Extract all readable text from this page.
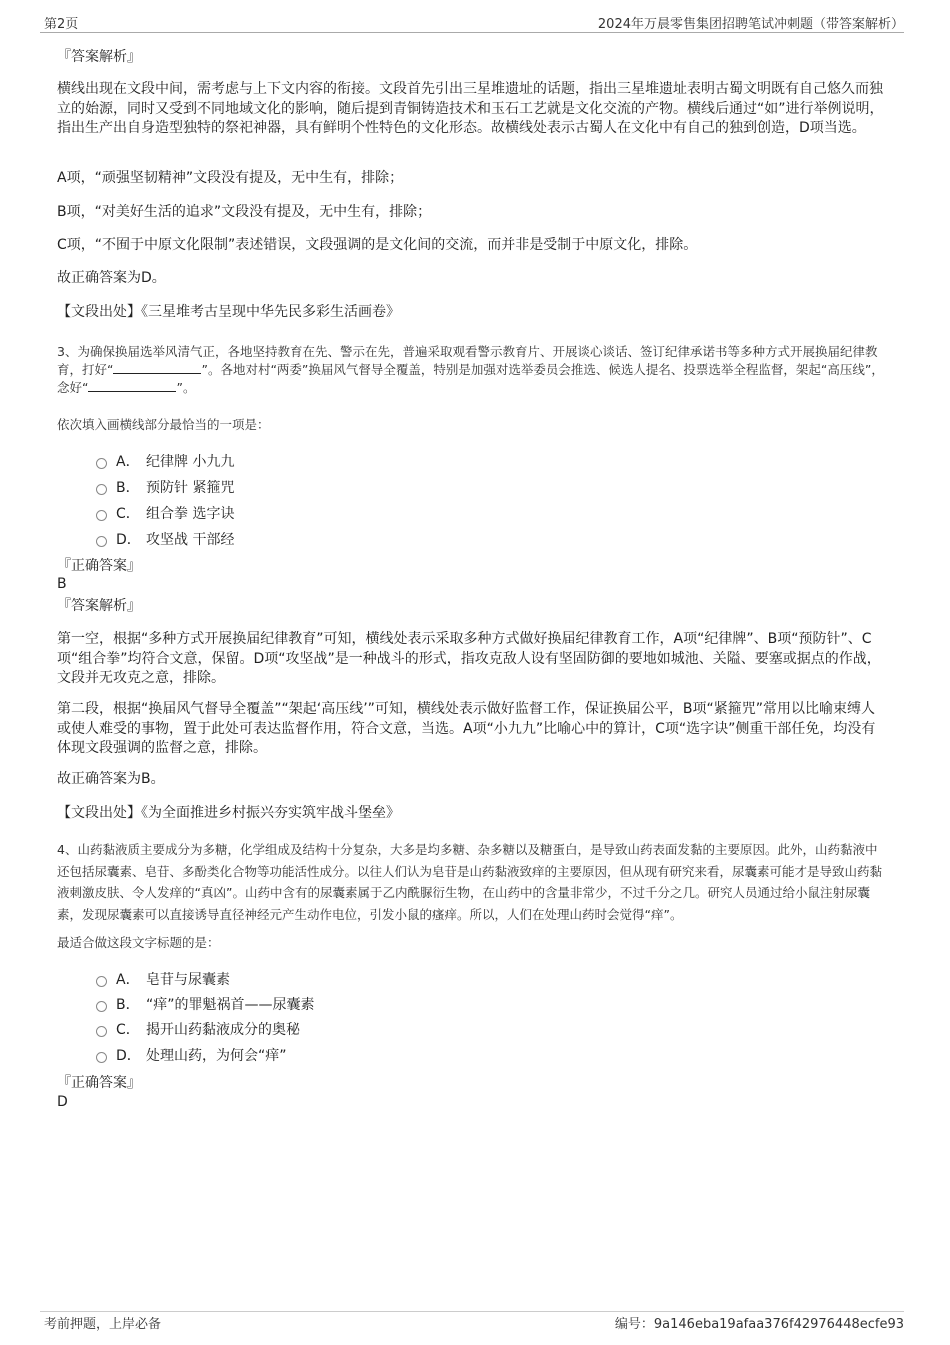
第2页	2024年万晨零售集团招聘笔试冲刺题（带答案解析）
『答案解析』
横线出现在文段中间，需考虑与上下文内容的衔接。文段首先引出三星堆遗址的话题，指出三星堆遗址表明古蜀文明既有自己悠久而独立的始源，同时又受到不同地域文化的影响，随后提到青铜铸造技术和玉石工艺就是文化交流的产物。横线后通过“如”进行举例说明，指出生产出自身造型独特的祭祀神器，具有鲜明个性特色的文化形态。故横线处表示古蜀人在文化中有自己的独到创造，D项当选。
A项，“顽强坚韧精神”文段没有提及，无中生有，排除；
B项，“对美好生活的追求”文段没有提及，无中生有，排除；
C项，“不囿于中原文化限制”表述错误，文段强调的是文化间的交流，而并非是受制于中原文化，排除。
故正确答案为D。
【文段出处】《三星堆考古呈现中华先民多彩生活画卷》
3、为确保换届选举风清气正，各地坚持教育在先、警示在先，普遍采取观看警示教育片、开展谈心谈话、签订纪律承诺书等多种方式开展换届纪律教育，打好“	”。各地对村“两委”换届风气督导全覆盖，特别是加强对选举委员会推选、候选人提名、投票选举全程监督，架起“高压线”，念好“	”。
依次填入画横线部分最恰当的一项是：
A． 纪律牌 小九九
B． 预防针 紧箍咒
C． 组合拳 选字诀
D． 攻坚战 干部经
『正确答案』
B
『答案解析』
第一空，根据“多种方式开展换届纪律教育”可知，横线处表示采取多种方式做好换届纪律教育工作，A项“纪律牌”、B项“预防针”、C项“组合拳”均符合文意，保留。D项“攻坚战”是一种战斗的形式，指攻克敌人设有坚固防御的要地如城池、关隘、要塞或据点的作战，文段并无攻克之意，排除。
第二段，根据“换届风气督导全覆盖”“架起‘高压线’”可知，横线处表示做好监督工作，保证换届公平，B项“紧箍咒”常用以比喻束缚人或使人难受的事物，置于此处可表达监督作用，符合文意，当选。A项“小九九”比喻心中的算计，C项“选字诀”侧重干部任免，均没有体现文段强调的监督之意，排除。
故正确答案为B。
【文段出处】《为全面推进乡村振兴夯实筑牢战斗堡垒》
4、山药黏液质主要成分为多糖，化学组成及结构十分复杂，大多是均多糖、杂多糖以及糖蛋白，是导致山药表面发黏的主要原因。此外，山药黏液中还包括尿囊素、皂苷、多酚类化合物等功能活性成分。以往人们认为皂苷是山药黏液致痒的主要原因，但从现有研究来看，尿囊素可能才是导致山药黏液刺激皮肤、令人发痒的“真凶”。山药中含有的尿囊素属于乙内酰脲衍生物，在山药中的含量非常少，不过千分之几。研究人员通过给小鼠注射尿囊素，发现尿囊素可以直接诱导直径神经元产生动作电位，引发小鼠的瘙痒。所以，人们在处理山药时会觉得“痒”。
最适合做这段文字标题的是：
A． 皂苷与尿囊素
B． “痒”的罪魁祸首——尿囊素
C． 揭开山药黏液成分的奥秘
D． 处理山药，为何会“痒”
『正确答案』
D
考前押题，上岸必备	编号：9a146eba19afaa376f42976448ecfe93
